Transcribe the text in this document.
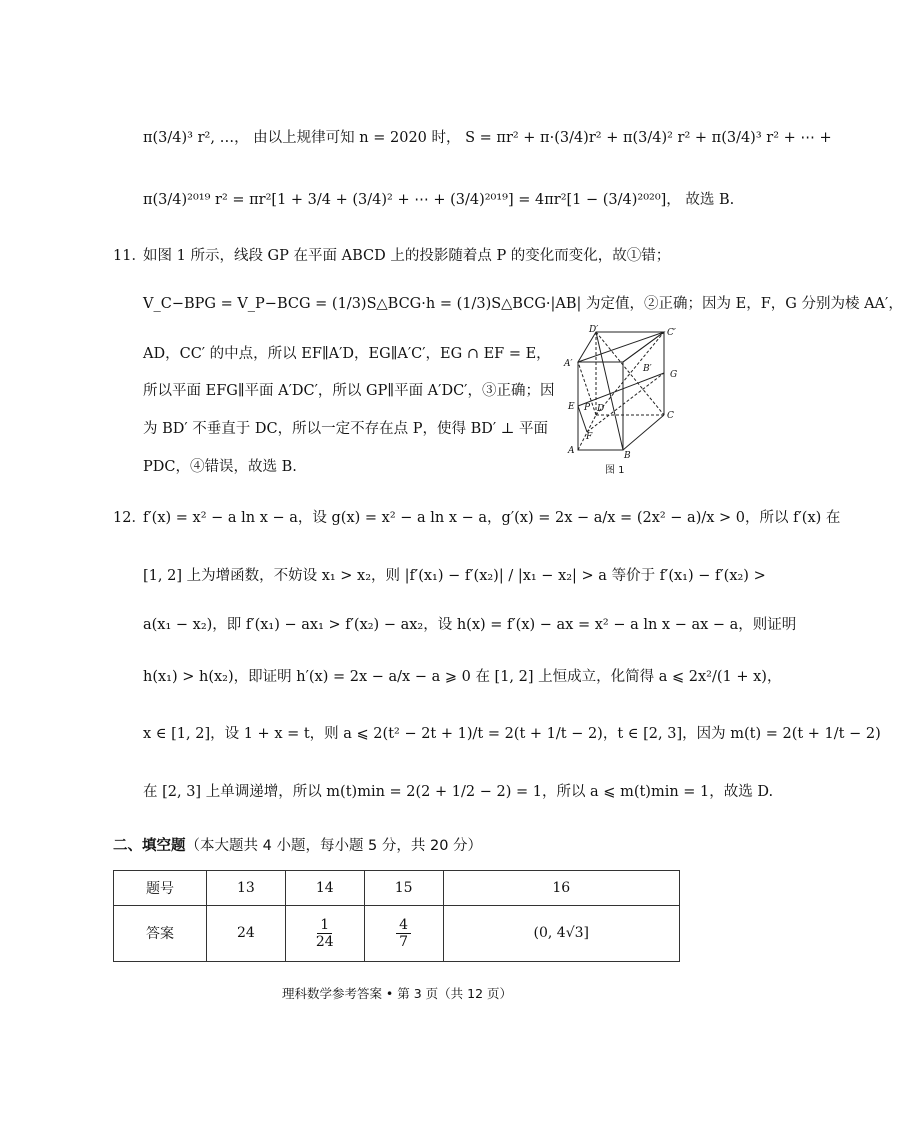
π(3/4)³ r², …， 由以上规律可知 n = 2020 时， S = πr² + π·(3/4)r² + π(3/4)² r² + π(3/4)³ r² + ⋯ +
π(3/4)²⁰¹⁹ r² = πr²[1 + 3/4 + (3/4)² + ⋯ + (3/4)²⁰¹⁹] = 4πr²[1 − (3/4)²⁰²⁰]， 故选 B.
11．
如图 1 所示，线段 GP 在平面 ABCD 上的投影随着点 P 的变化而变化，故①错；
V_C−BPG = V_P−BCG = (1/3)S△BCG·h = (1/3)S△BCG·|AB| 为定值，②正确；因为 E，F，G 分别为棱 AA′，
AD，CC′ 的中点，所以 EF∥A′D，EG∥A′C′，EG ∩ EF = E，
所以平面 EFG∥平面 A′DC′，所以 GP∥平面 A′DC′，③正确；因
为 BD′ 不垂直于 DC，所以一定不存在点 P，使得 BD′ ⊥ 平面
PDC，④错误，故选 B.
D′	C′
A′	B′
G
E
F
P D
C
A	B
图 1
12．
f′(x) = x² − a ln x − a，设 g(x) = x² − a ln x − a，g′(x) = 2x − a/x = (2x² − a)/x > 0，所以 f′(x) 在
[1, 2] 上为增函数，不妨设 x₁ > x₂，则 |f′(x₁) − f′(x₂)| / |x₁ − x₂| > a 等价于 f′(x₁) − f′(x₂) >
a(x₁ − x₂)，即 f′(x₁) − ax₁ > f′(x₂) − ax₂，设 h(x) = f′(x) − ax = x² − a ln x − ax − a，则证明
h(x₁) > h(x₂)，即证明 h′(x) = 2x − a/x − a ⩾ 0 在 [1, 2] 上恒成立，化简得 a ⩽ 2x²/(1 + x)，
x ∈ [1, 2]，设 1 + x = t，则 a ⩽ 2(t² − 2t + 1)/t = 2(t + 1/t − 2)，t ∈ [2, 3]，因为 m(t) = 2(t + 1/t − 2)
在 [2, 3] 上单调递增，所以 m(t)min = 2(2 + 1/2 − 2) = 1，所以 a ⩽ m(t)min = 1，故选 D.
二、填空题（本大题共 4 小题，每小题 5 分，共 20 分）
题号	13	14	15	16
答案	24	$\frac{1}{24}$	$\frac{4}{7}$	(0, 4√3]
理科数学参考答案 • 第 3 页（共 12 页）
